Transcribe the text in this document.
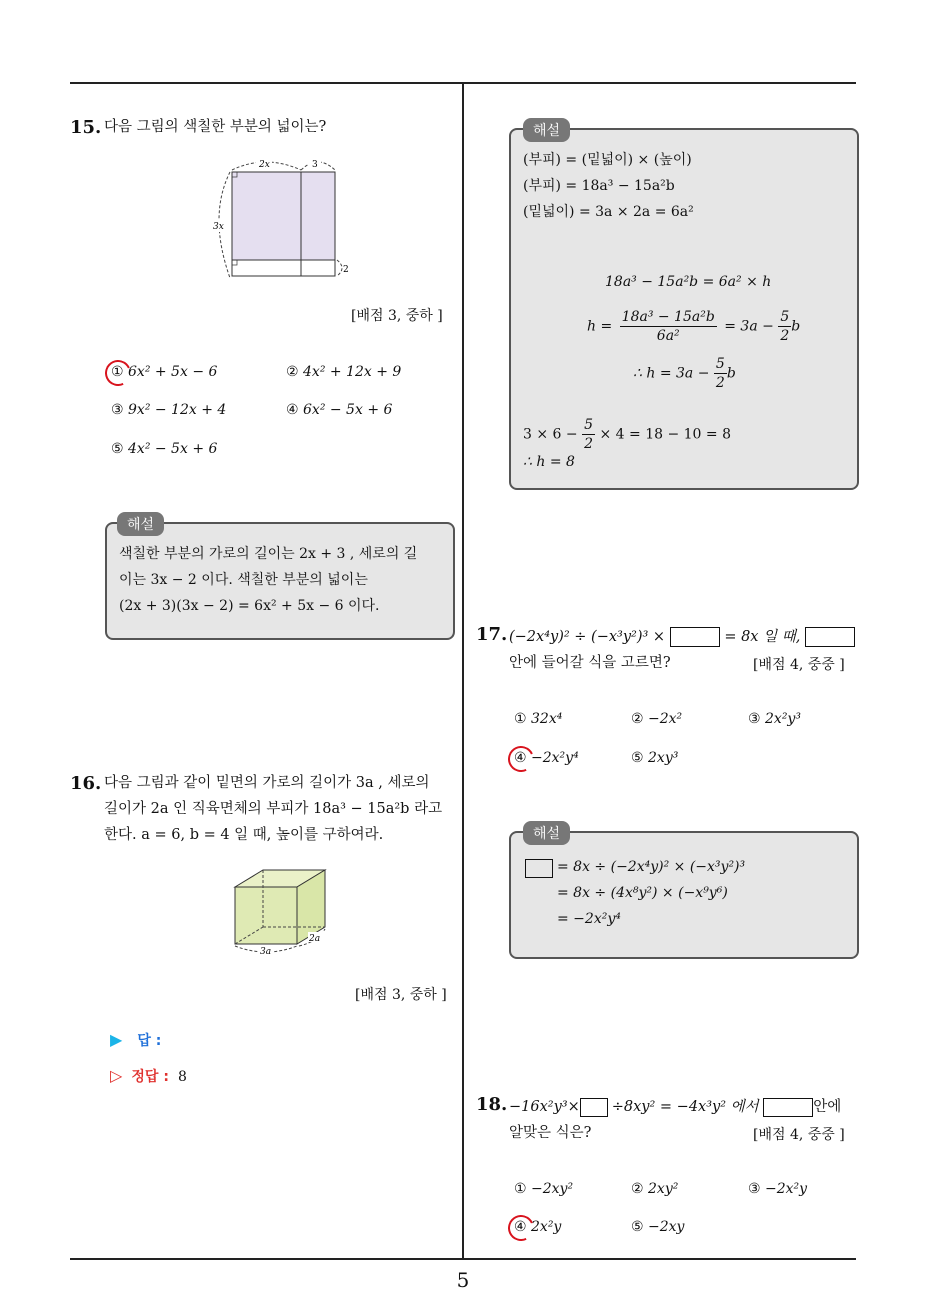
5
15. 다음 그림의 색칠한 부분의 넓이는?
2x	3
3x
2
[배점 3, 중하 ]
① 6x² + 5x − 6	② 4x² + 12x + 9
③ 9x² − 12x + 4	④ 6x² − 5x + 6
⑤ 4x² − 5x + 6
해설
색칠한 부분의 가로의 길이는 2x + 3 , 세로의 길
이는 3x − 2 이다. 색칠한 부분의 넓이는
(2x + 3)(3x − 2) = 6x² + 5x − 6 이다.
16. 다음 그림과 같이 밑면의 가로의 길이가 3a , 세로의
길이가 2a 인 직육면체의 부피가 18a³ − 15a²b 라고
한다. a = 6, b = 4 일 때, 높이를 구하여라.
3a
2a
[배점 3, 중하 ]
▶ 답 :
▷ 정답 : 8
해설
(부피) = (밑넓이) × (높이)
(부피) = 18a³ − 15a²b
(밑넓이) = 3a × 2a = 6a²
18a³ − 15a²b = 6a² × h
$h = \frac{\text{18a³ − 15a²b}}{\text{6a²}} = 3a - \frac{5}{2}$ b
∴ $h = 3a - \frac{5}{2}$ b
$3 \times 6 - \frac{5}{2} \times 4 = 18 - 10 = 8$
∴ h = 8
17. (−2x⁴y)² ÷ (−x³y²)³ ×	= 8x 일 때,
안에 들어갈 식을 고르면?	[배점 4, 중중 ]
① 32x⁴	② −2x²	③ 2x²y³
④ −2x²y⁴	⑤ 2xy³
해설
= 8x ÷ (−2x⁴y)² × (−x³y²)³
= 8x ÷ (4x⁸y²) × (−x⁹y⁶)
= −2x²y⁴
18. −16x²y³× ÷8xy² = −4x³y² 에서	안에
알맞은 식은?	[배점 4, 중중 ]
① −2xy²	② 2xy²	③ −2x²y
④ 2x²y	⑤ −2xy
